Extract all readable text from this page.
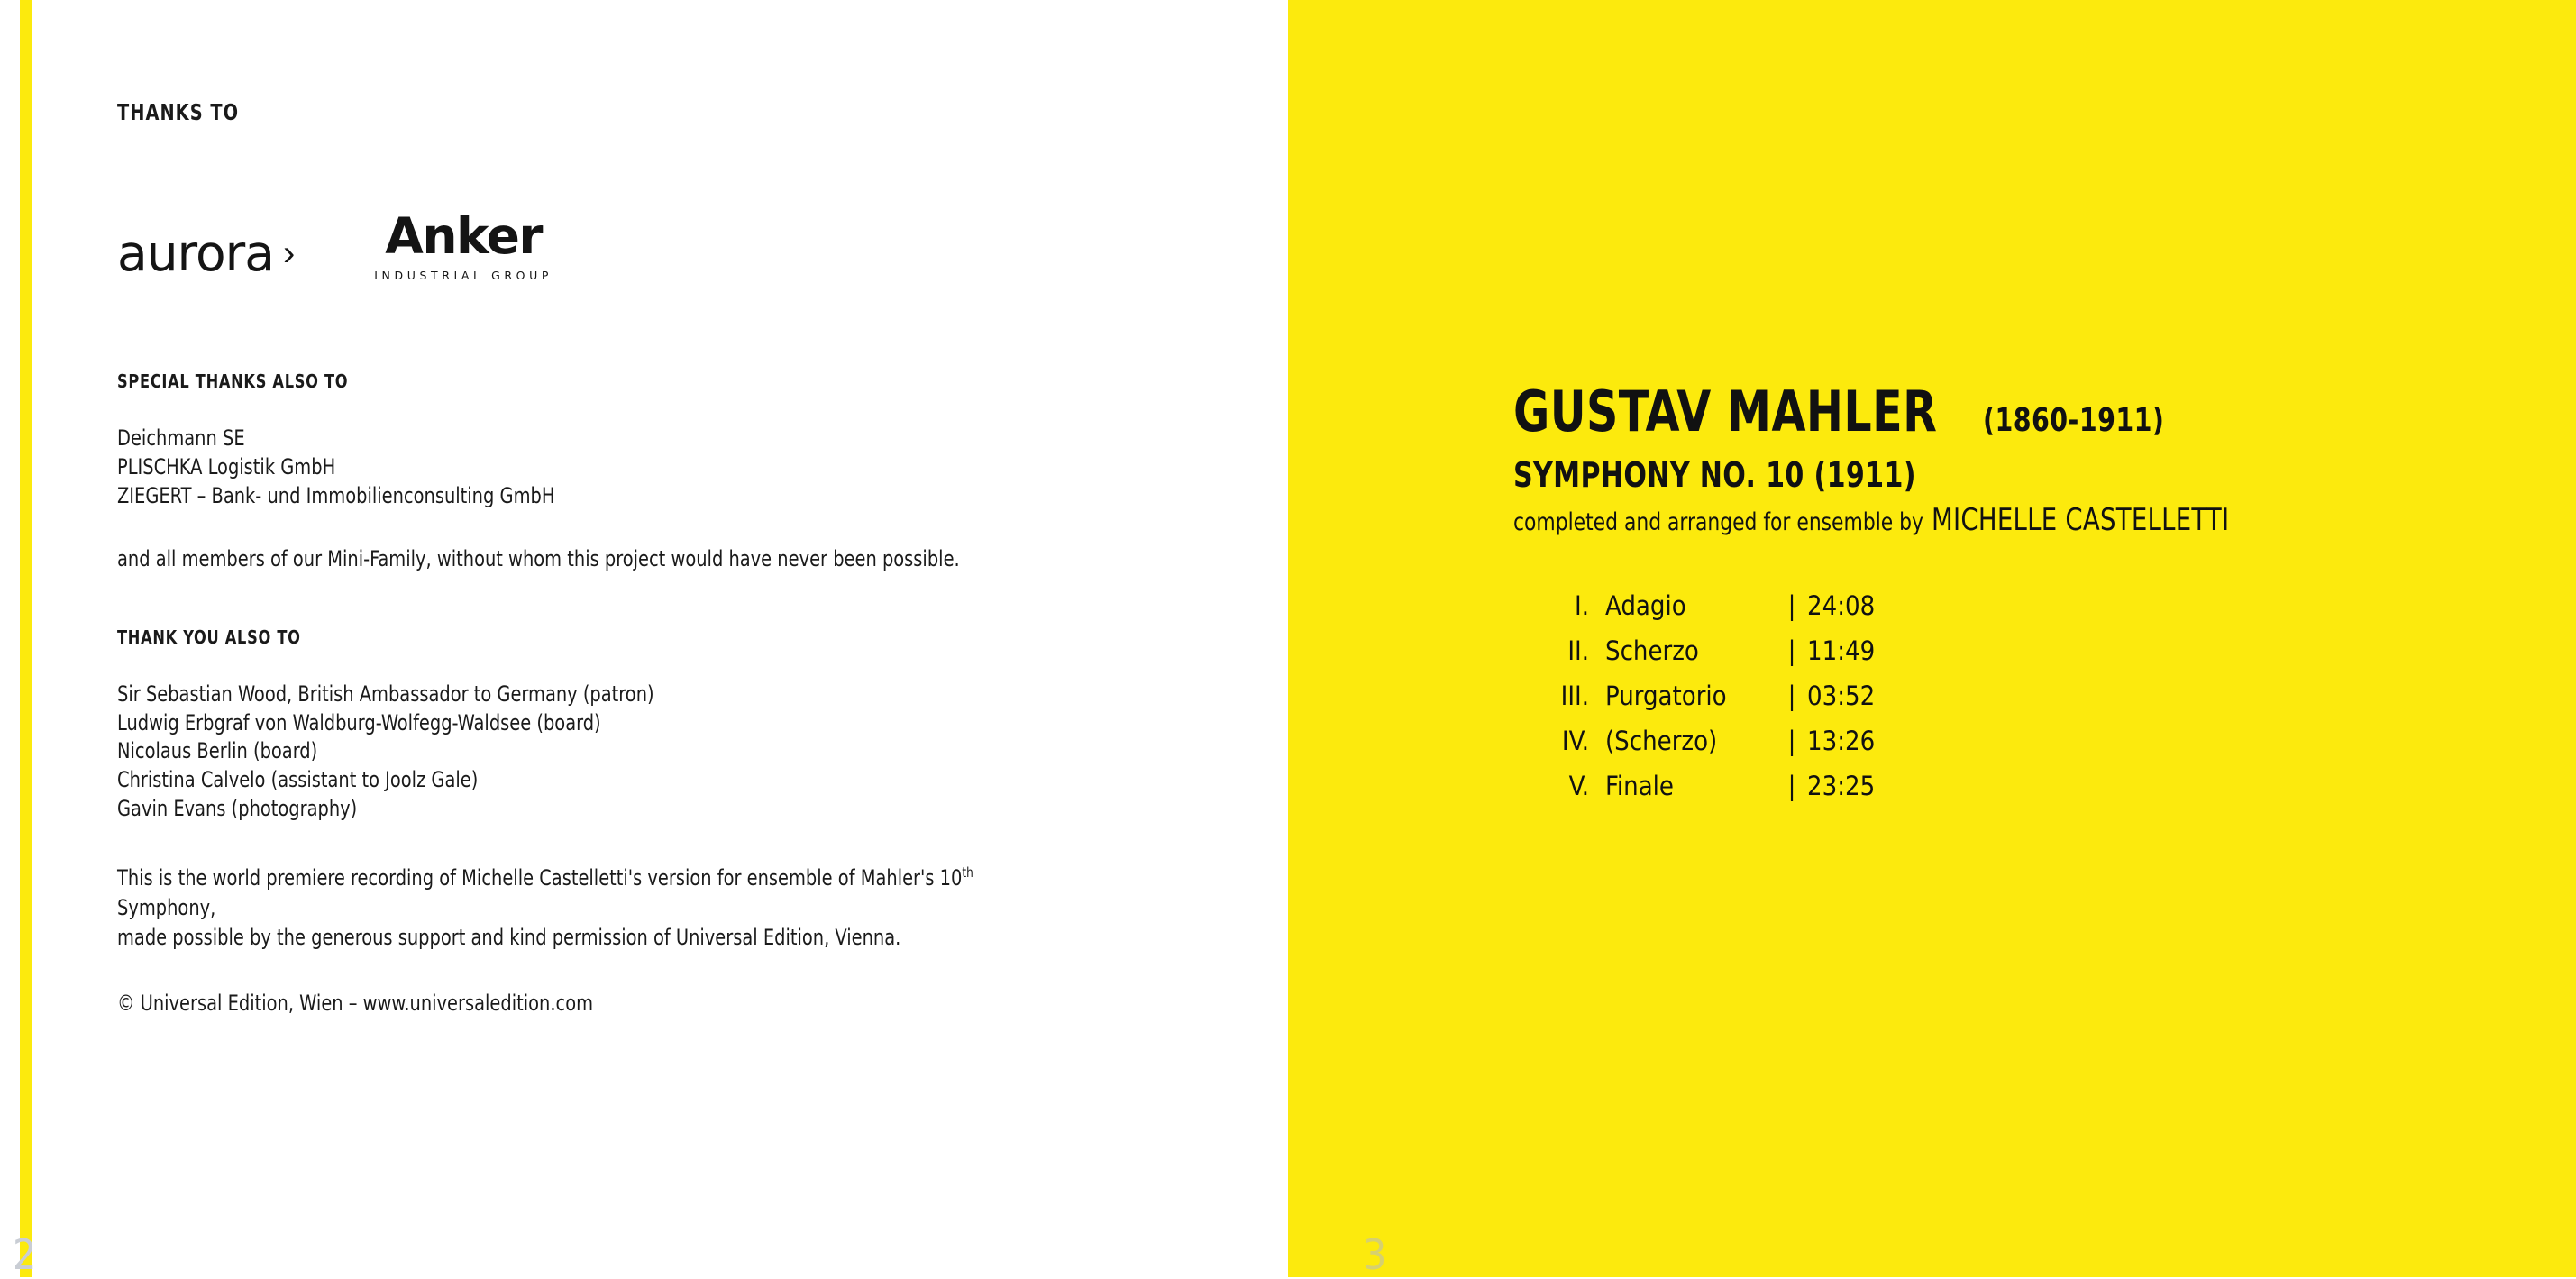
THANKS TO
aurora › Anker
INDUSTRIAL GROUP
SPECIAL THANKS ALSO TO
Deichmann SE
PLISCHKA Logistik GmbH
ZIEGERT – Bank- und Immobilienconsulting GmbH
and all members of our Mini-Family, without whom this project would have never been possible.
THANK YOU ALSO TO
Sir Sebastian Wood, British Ambassador to Germany (patron)
Ludwig Erbgraf von Waldburg-Wolfegg-Waldsee (board)
Nicolaus Berlin (board)
Christina Calvelo (assistant to Joolz Gale)
Gavin Evans (photography)
This is the world premiere recording of Michelle Castelletti's version for ensemble of Mahler's 10th Symphony,
made possible by the generous support and kind permission of Universal Edition, Vienna.
© Universal Edition, Wien – www.universaledition.com
2
GUSTAV MAHLER (1860-1911)
SYMPHONY NO. 10 (1911)
completed and arranged for ensemble by MICHELLE CASTELLETTI
I. Adagio	| 24:08
II. Scherzo	| 11:49
III. Purgatorio	| 03:52
IV. (Scherzo)	| 13:26
V. Finale	| 23:25
3
